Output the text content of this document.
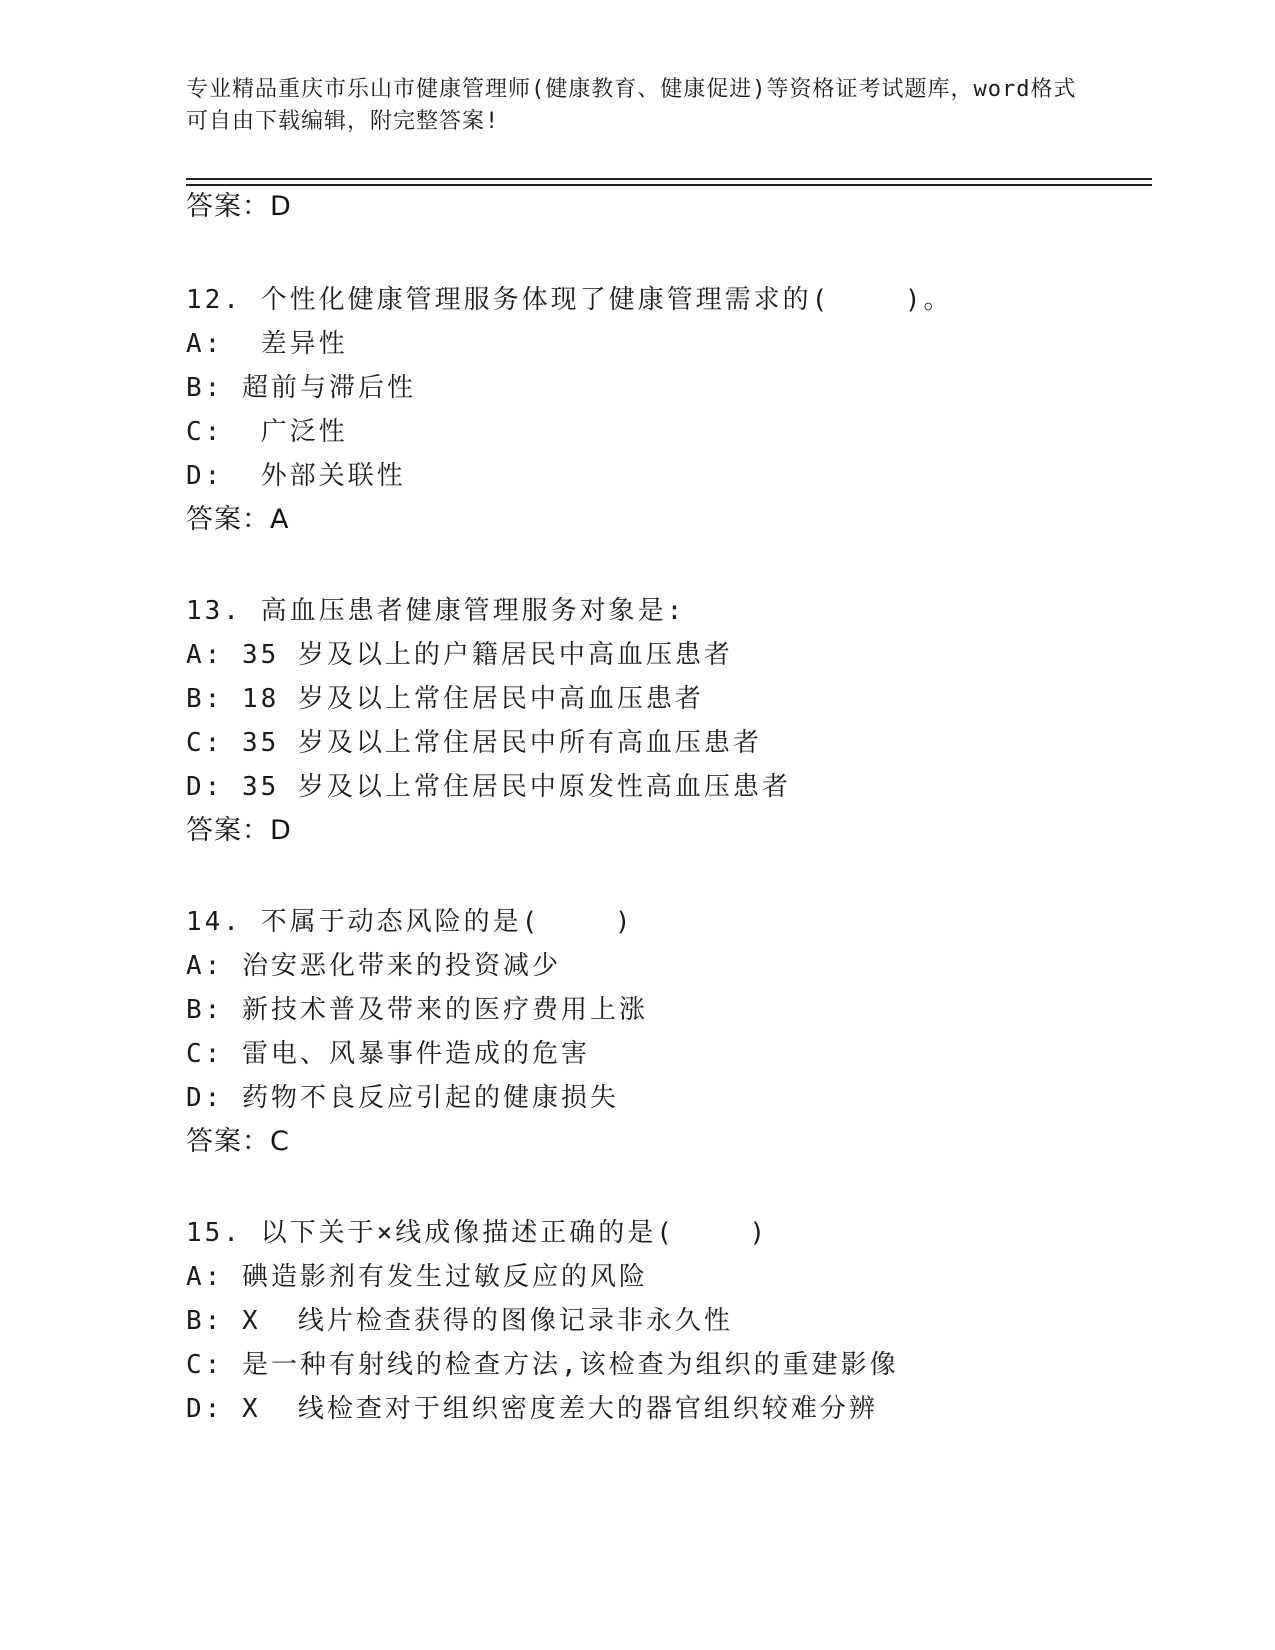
专业精品重庆市乐山市健康管理师(健康教育、健康促进)等资格证考试题库，word格式可自由下载编辑，附完整答案!
答案：D
12. 个性化健康管理服务体现了健康管理需求的(    )。
A:  差异性
B: 超前与滞后性
C:  广泛性
D:  外部关联性
答案：A
13. 高血压患者健康管理服务对象是:
A: 35 岁及以上的户籍居民中高血压患者
B: 18 岁及以上常住居民中高血压患者
C: 35 岁及以上常住居民中所有高血压患者
D: 35 岁及以上常住居民中原发性高血压患者
答案：D
14. 不属于动态风险的是(    )
A: 治安恶化带来的投资减少
B: 新技术普及带来的医疗费用上涨
C: 雷电、风暴事件造成的危害
D: 药物不良反应引起的健康损失
答案：C
15. 以下关于×线成像描述正确的是(    )
A: 碘造影剂有发生过敏反应的风险
B: X  线片检查获得的图像记录非永久性
C: 是一种有射线的检查方法,该检查为组织的重建影像
D: X  线检查对于组织密度差大的器官组织较难分辨
